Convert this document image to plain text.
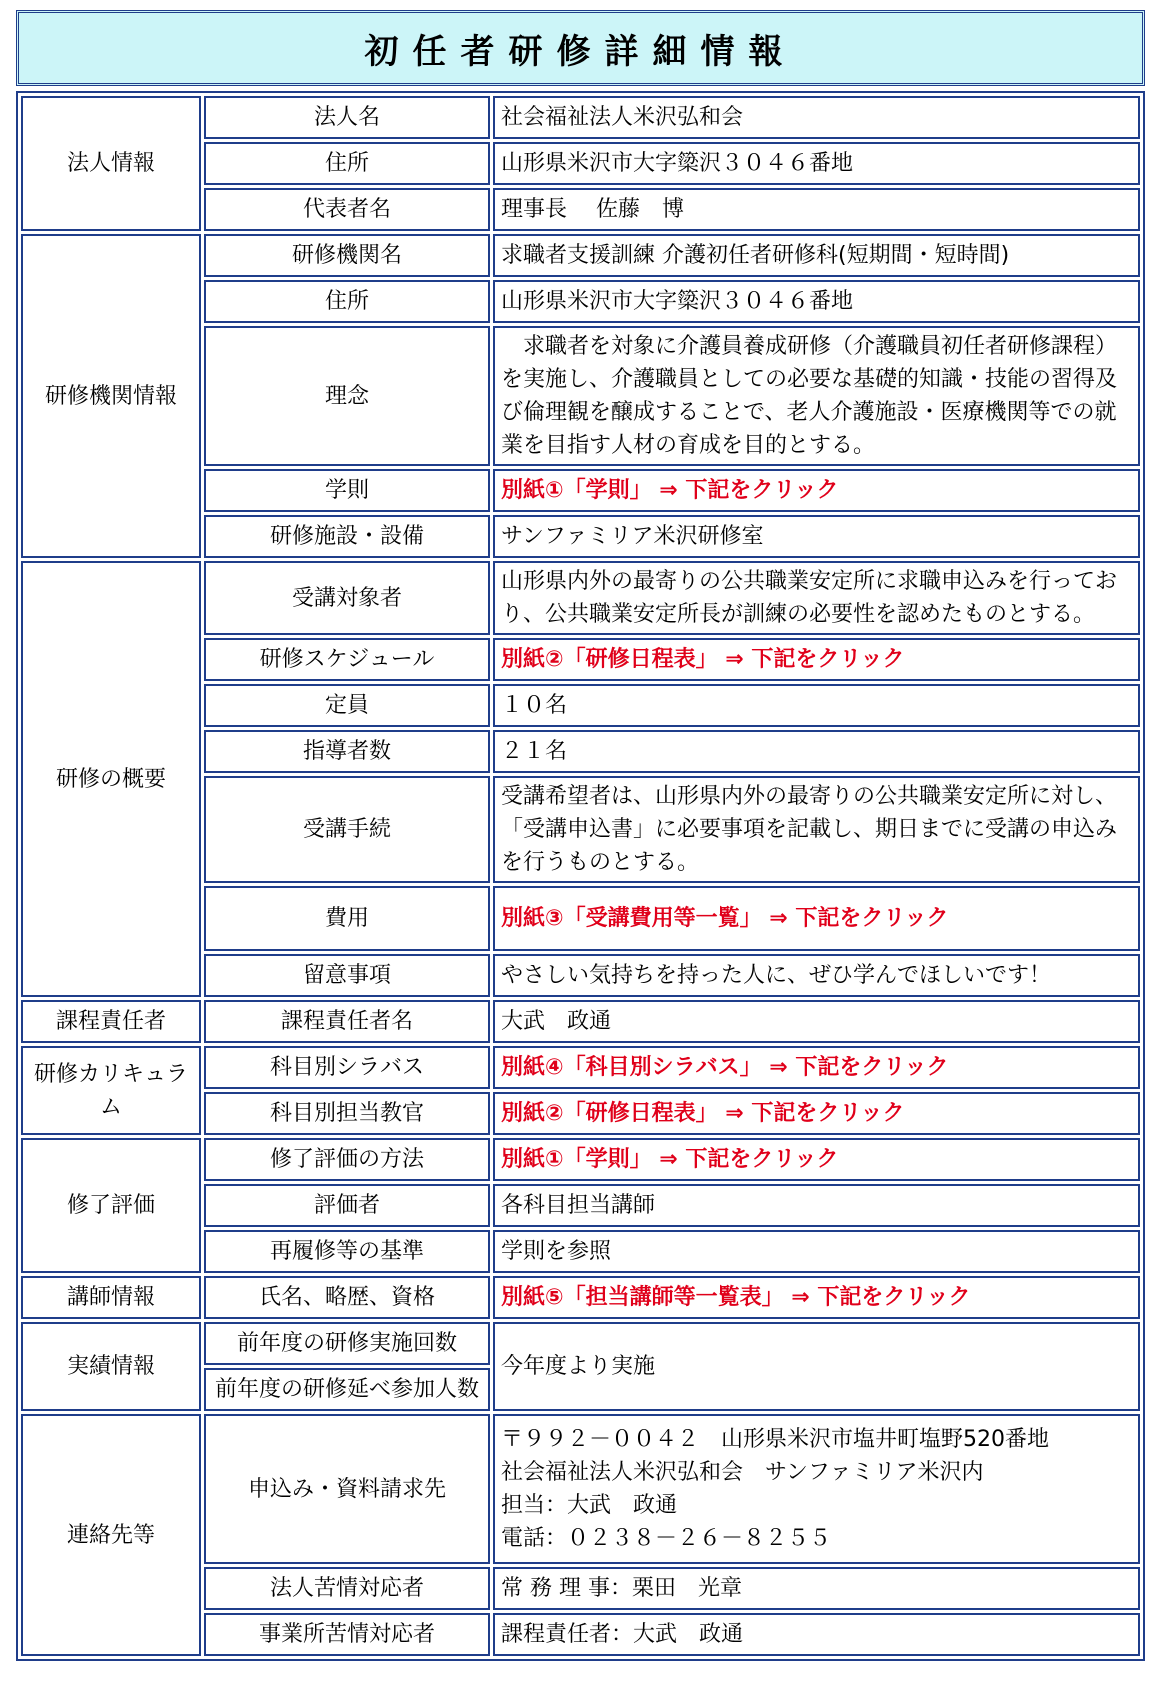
初任者研修詳細情報
法人情報	法人名	社会福祉法人米沢弘和会
	住所	山形県米沢市大字簗沢３０４６番地
	代表者名	理事長　 佐藤　博
研修機関情報	研修機関名	求職者支援訓練 介護初任者研修科(短期間・短時間)
	住所	山形県米沢市大字簗沢３０４６番地
	理念	　求職者を対象に介護員養成研修（介護職員初任者研修課程）を実施し、介護職員としての必要な基礎的知識・技能の習得及び倫理観を醸成することで、老人介護施設・医療機関等での就業を目指す人材の育成を目的とする。
	学則	別紙①「学則」 ⇒ 下記をクリック
	研修施設・設備	サンファミリア米沢研修室
研修の概要	受講対象者	山形県内外の最寄りの公共職業安定所に求職申込みを行っており、公共職業安定所長が訓練の必要性を認めたものとする。
	研修スケジュール	別紙②「研修日程表」 ⇒ 下記をクリック
	定員	１０名
	指導者数	２１名
	受講手続	受講希望者は、山形県内外の最寄りの公共職業安定所に対し、「受講申込書」に必要事項を記載し、期日までに受講の申込みを行うものとする。
	費用	別紙③「受講費用等一覧」 ⇒ 下記をクリック
	留意事項	やさしい気持ちを持った人に、ぜひ学んでほしいです！
課程責任者	課程責任者名	大武　政通
研修カリキュラム	科目別シラバス	別紙④「科目別シラバス」 ⇒ 下記をクリック
	科目別担当教官	別紙②「研修日程表」 ⇒ 下記をクリック
修了評価	修了評価の方法	別紙①「学則」 ⇒ 下記をクリック
	評価者	各科目担当講師
	再履修等の基準	学則を参照
講師情報	氏名、略歴、資格	別紙⑤「担当講師等一覧表」 ⇒ 下記をクリック
実績情報	前年度の研修実施回数	今年度より実施
	前年度の研修延べ参加人数	
連絡先等	申込み・資料請求先	〒９９２－００４２　山形県米沢市塩井町塩野520番地
社会福祉法人米沢弘和会　サンファミリア米沢内
担当：大武　政通
電話：０２３８－２６－８２５５
	法人苦情対応者	常 務 理 事：栗田　光章
	事業所苦情対応者	課程責任者：大武　政通
